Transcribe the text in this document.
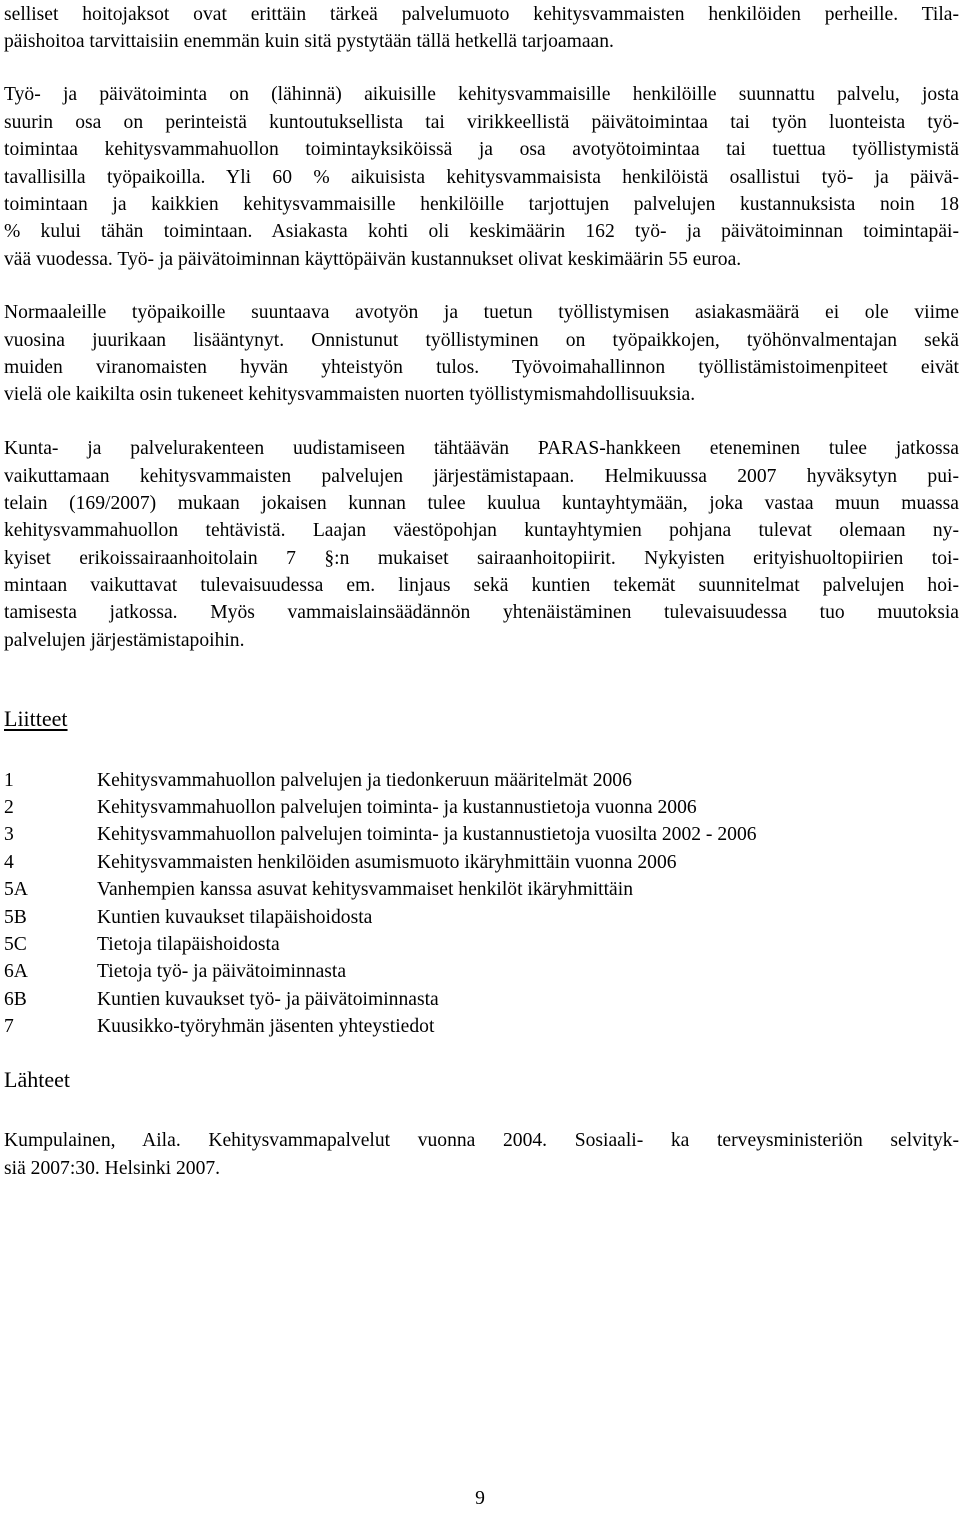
selliset hoitojaksot ovat erittäin tärkeä palvelumuoto kehitysvammaisten henkilöiden perheille. Tila-
päishoitoa tarvittaisiin enemmän kuin sitä pystytään tällä hetkellä tarjoamaan.
Työ- ja päivätoiminta on (lähinnä) aikuisille kehitysvammaisille henkilöille suunnattu palvelu, josta
suurin osa on perinteistä kuntoutuksellista tai virikkeellistä päivätoimintaa tai työn luonteista työ-
toimintaa kehitysvammahuollon toimintayksiköissä ja osa avotyötoimintaa tai tuettua työllistymistä
tavallisilla työpaikoilla. Yli 60 % aikuisista kehitysvammaisista henkilöistä osallistui työ- ja päivä-
toimintaan ja kaikkien kehitysvammaisille henkilöille tarjottujen palvelujen kustannuksista noin 18
% kului tähän toimintaan. Asiakasta kohti oli keskimäärin 162 työ- ja päivätoiminnan toimintapäi-
vää vuodessa. Työ- ja päivätoiminnan käyttöpäivän kustannukset olivat keskimäärin 55 euroa.
Normaaleille työpaikoille suuntaava avotyön ja tuetun työllistymisen asiakasmäärä ei ole viime
vuosina juurikaan lisääntynyt. Onnistunut työllistyminen on työpaikkojen, työhönvalmentajan sekä
muiden viranomaisten hyvän yhteistyön tulos. Työvoimahallinnon työllistämistoimenpiteet eivät
vielä ole kaikilta osin tukeneet kehitysvammaisten nuorten työllistymismahdollisuuksia.
Kunta- ja palvelurakenteen uudistamiseen tähtäävän PARAS-hankkeen eteneminen tulee jatkossa
vaikuttamaan kehitysvammaisten palvelujen järjestämistapaan. Helmikuussa 2007 hyväksytyn pui-
telain (169/2007) mukaan jokaisen kunnan tulee kuulua kuntayhtymään, joka vastaa muun muassa
kehitysvammahuollon tehtävistä. Laajan väestöpohjan kuntayhtymien pohjana tulevat olemaan ny-
kyiset erikoissairaanhoitolain 7 §:n mukaiset sairaanhoitopiirit. Nykyisten erityishuoltopiirien toi-
mintaan vaikuttavat tulevaisuudessa em. linjaus sekä kuntien tekemät suunnitelmat palvelujen hoi-
tamisesta jatkossa. Myös vammaislainsäädännön yhtenäistäminen tulevaisuudessa tuo muutoksia
palvelujen järjestämistapoihin.
Liitteet
1	Kehitysvammahuollon palvelujen ja tiedonkeruun määritelmät 2006
2	Kehitysvammahuollon palvelujen toiminta- ja kustannustietoja vuonna 2006
3	Kehitysvammahuollon palvelujen toiminta- ja kustannustietoja vuosilta 2002 - 2006
4	Kehitysvammaisten henkilöiden asumismuoto ikäryhmittäin vuonna 2006
5A	Vanhempien kanssa asuvat kehitysvammaiset henkilöt ikäryhmittäin
5B	Kuntien kuvaukset tilapäishoidosta
5C	Tietoja tilapäishoidosta
6A	Tietoja työ- ja päivätoiminnasta
6B	Kuntien kuvaukset työ- ja päivätoiminnasta
7	Kuusikko-työryhmän jäsenten yhteystiedot
Lähteet
Kumpulainen, Aila. Kehitysvammapalvelut vuonna 2004. Sosiaali- ka terveysministeriön selvityk-
siä 2007:30. Helsinki 2007.
9
